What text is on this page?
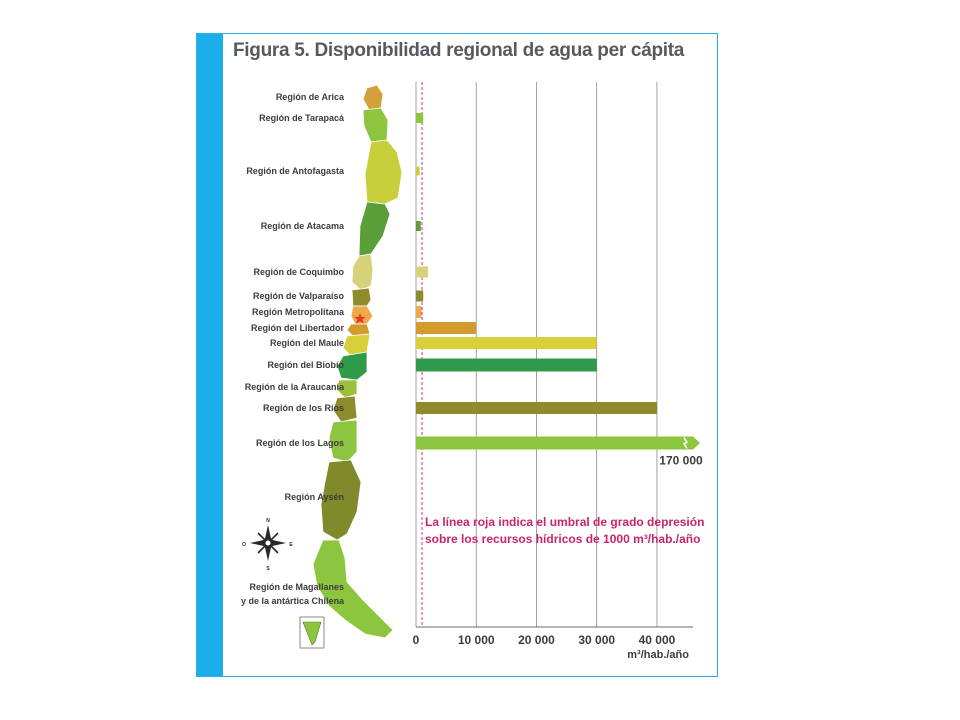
Figura 5. Disponibilidad regional de agua per cápita
170 000
Región de Arica
Región de Tarapacá
Región de Antofagasta
Región de Atacama
Región de Coquimbo
Región de Valparaíso
Región Metropolitana
Región del Libertador
Región del Maule
Región del Biobío
Región de la Araucanía
Región de los Ríos
Región de los Lagos
Región Aysén
Región de Magallanes
y de la antártica Chilena
0	10 000 20 000 30 000 40 000
m³/hab./año
La línea roja indica el umbral de grado depresión
sobre los recursos hídricos de 1000 m³/hab./año
N
S
E
O
